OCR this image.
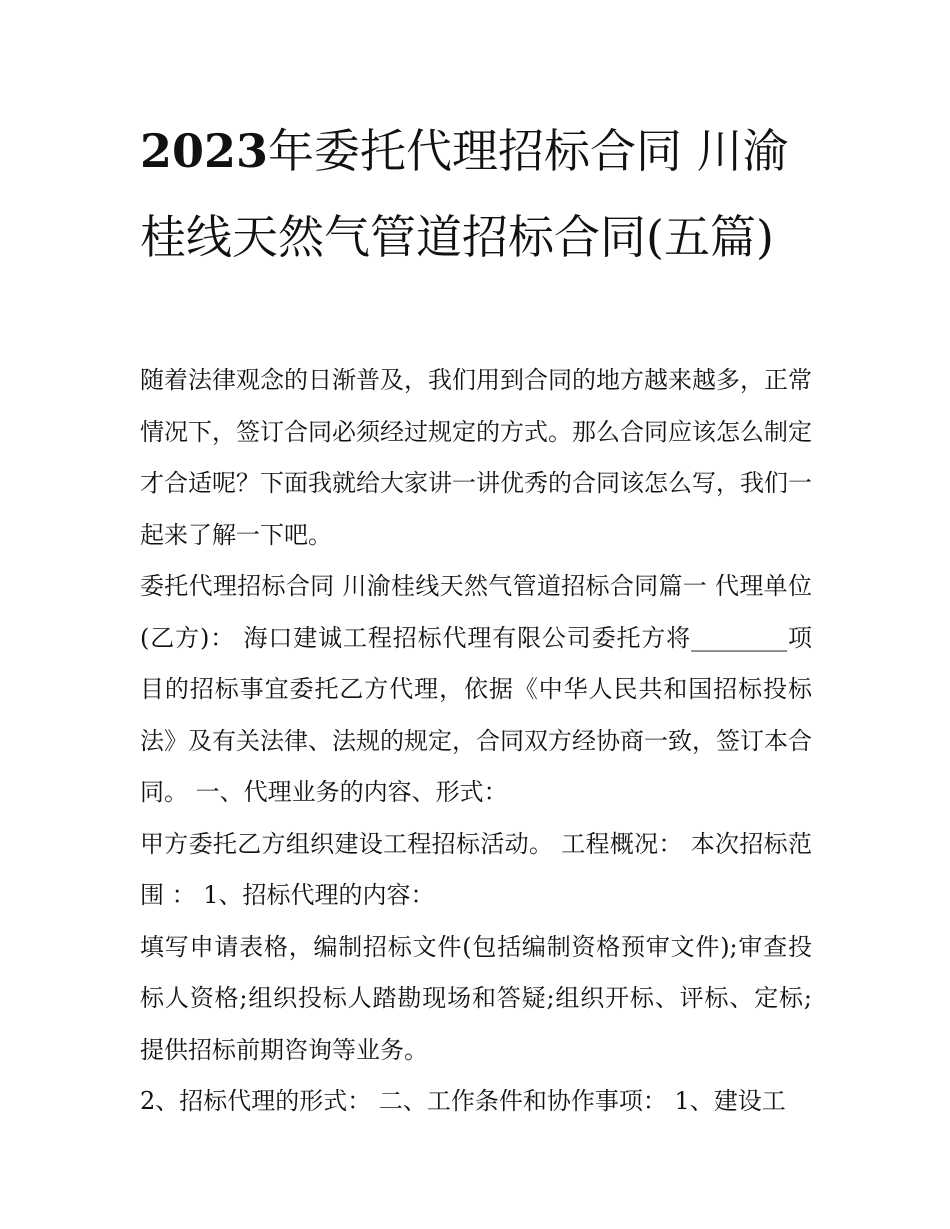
2023年委托代理招标合同 川渝桂线天然气管道招标合同(五篇)

随着法律观念的日渐普及，我们用到合同的地方越来越多，正常情况下，签订合同必须经过规定的方式。那么合同应该怎么制定才合适呢？下面我就给大家讲一讲优秀的合同该怎么写，我们一起来了解一下吧。

委托代理招标合同 川渝桂线天然气管道招标合同篇一 代理单位(乙方)： 海口建诚工程招标代理有限公司委托方将________项目的招标事宜委托乙方代理，依据《中华人民共和国招标投标法》及有关法律、法规的规定，合同双方经协商一致，签订本合同。 一、代理业务的内容、形式：

甲方委托乙方组织建设工程招标活动。 工程概况： 本次招标范围 ： 1、招标代理的内容：

填写申请表格，编制招标文件(包括编制资格预审文件);审查投标人资格;组织投标人踏勘现场和答疑;组织开标、评标、定标;提供招标前期咨询等业务。

2、招标代理的形式： 二、工作条件和协作事项： 1、建设工
